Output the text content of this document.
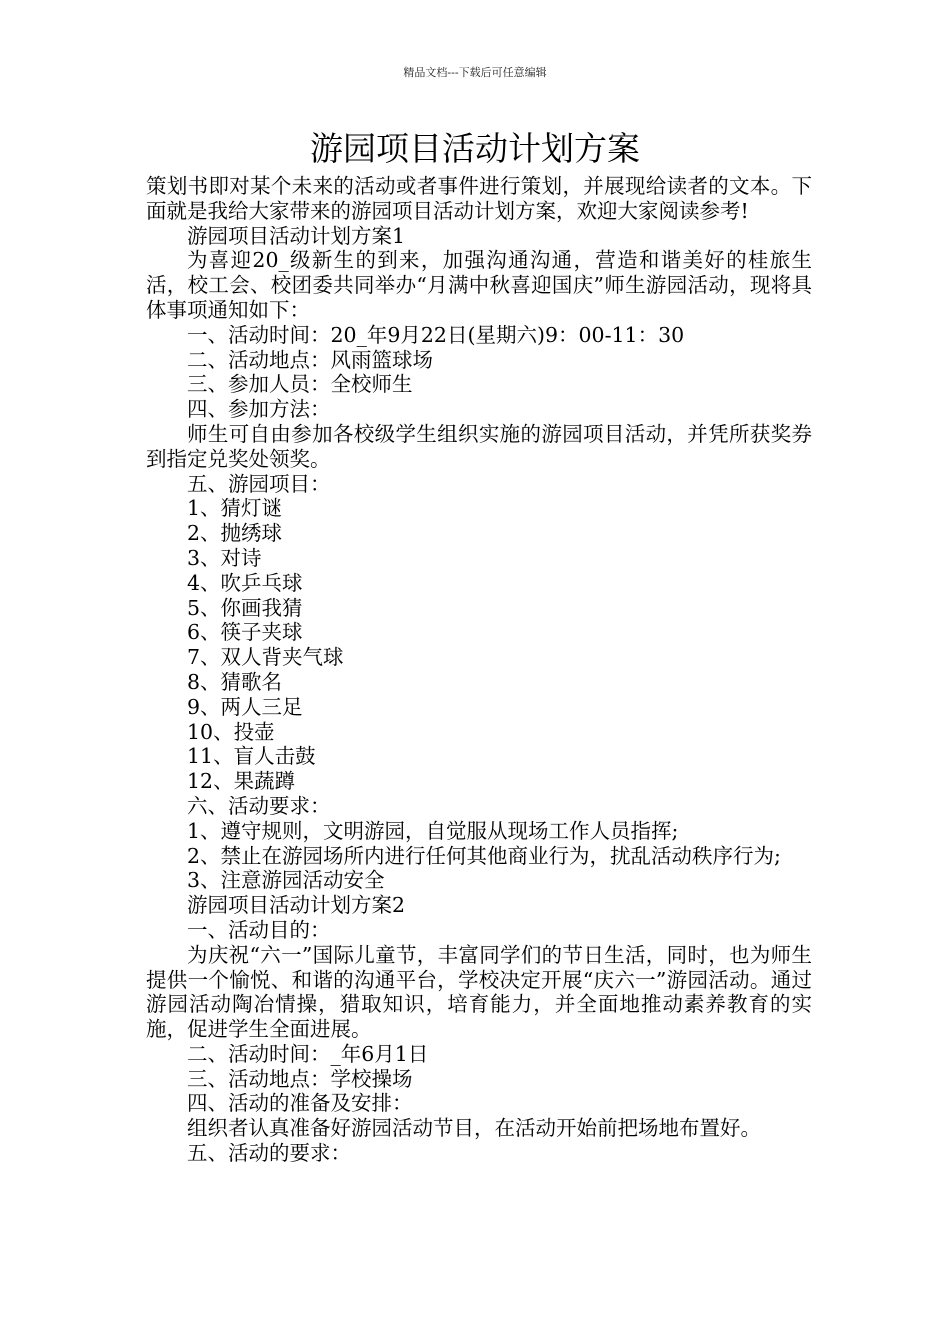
精品文档---下载后可任意编辑
游园项目活动计划方案

策划书即对某个未来的活动或者事件进行策划，并展现给读者的文本。下面就是我给大家带来的游园项目活动计划方案，欢迎大家阅读参考!

游园项目活动计划方案1

为喜迎20_级新生的到来，加强沟通沟通，营造和谐美好的桂旅生活，校工会、校团委共同举办“月满中秋喜迎国庆”师生游园活动，现将具体事项通知如下：

一、活动时间：20_年9月22日(星期六)9：00-11：30

二、活动地点：风雨篮球场

三、参加人员：全校师生

四、参加方法：

师生可自由参加各校级学生组织实施的游园项目活动，并凭所获奖券到指定兑奖处领奖。

五、游园项目：

1、猜灯谜

2、抛绣球

3、对诗

4、吹乒乓球

5、你画我猜

6、筷子夹球

7、双人背夹气球

8、猜歌名

9、两人三足

10、投壶

11、盲人击鼓

12、果蔬蹲

六、活动要求：

1、遵守规则，文明游园，自觉服从现场工作人员指挥;

2、禁止在游园场所内进行任何其他商业行为，扰乱活动秩序行为;

3、注意游园活动安全

游园项目活动计划方案2

一、活动目的：

为庆祝“六一”国际儿童节，丰富同学们的节日生活，同时，也为师生提供一个愉悦、和谐的沟通平台，学校决定开展“庆六一”游园活动。通过游园活动陶冶情操，猎取知识，培育能力，并全面地推动素养教育的实施，促进学生全面进展。

二、活动时间：_年6月1日

三、活动地点：学校操场

四、活动的准备及安排：

组织者认真准备好游园活动节目，在活动开始前把场地布置好。

五、活动的要求：
